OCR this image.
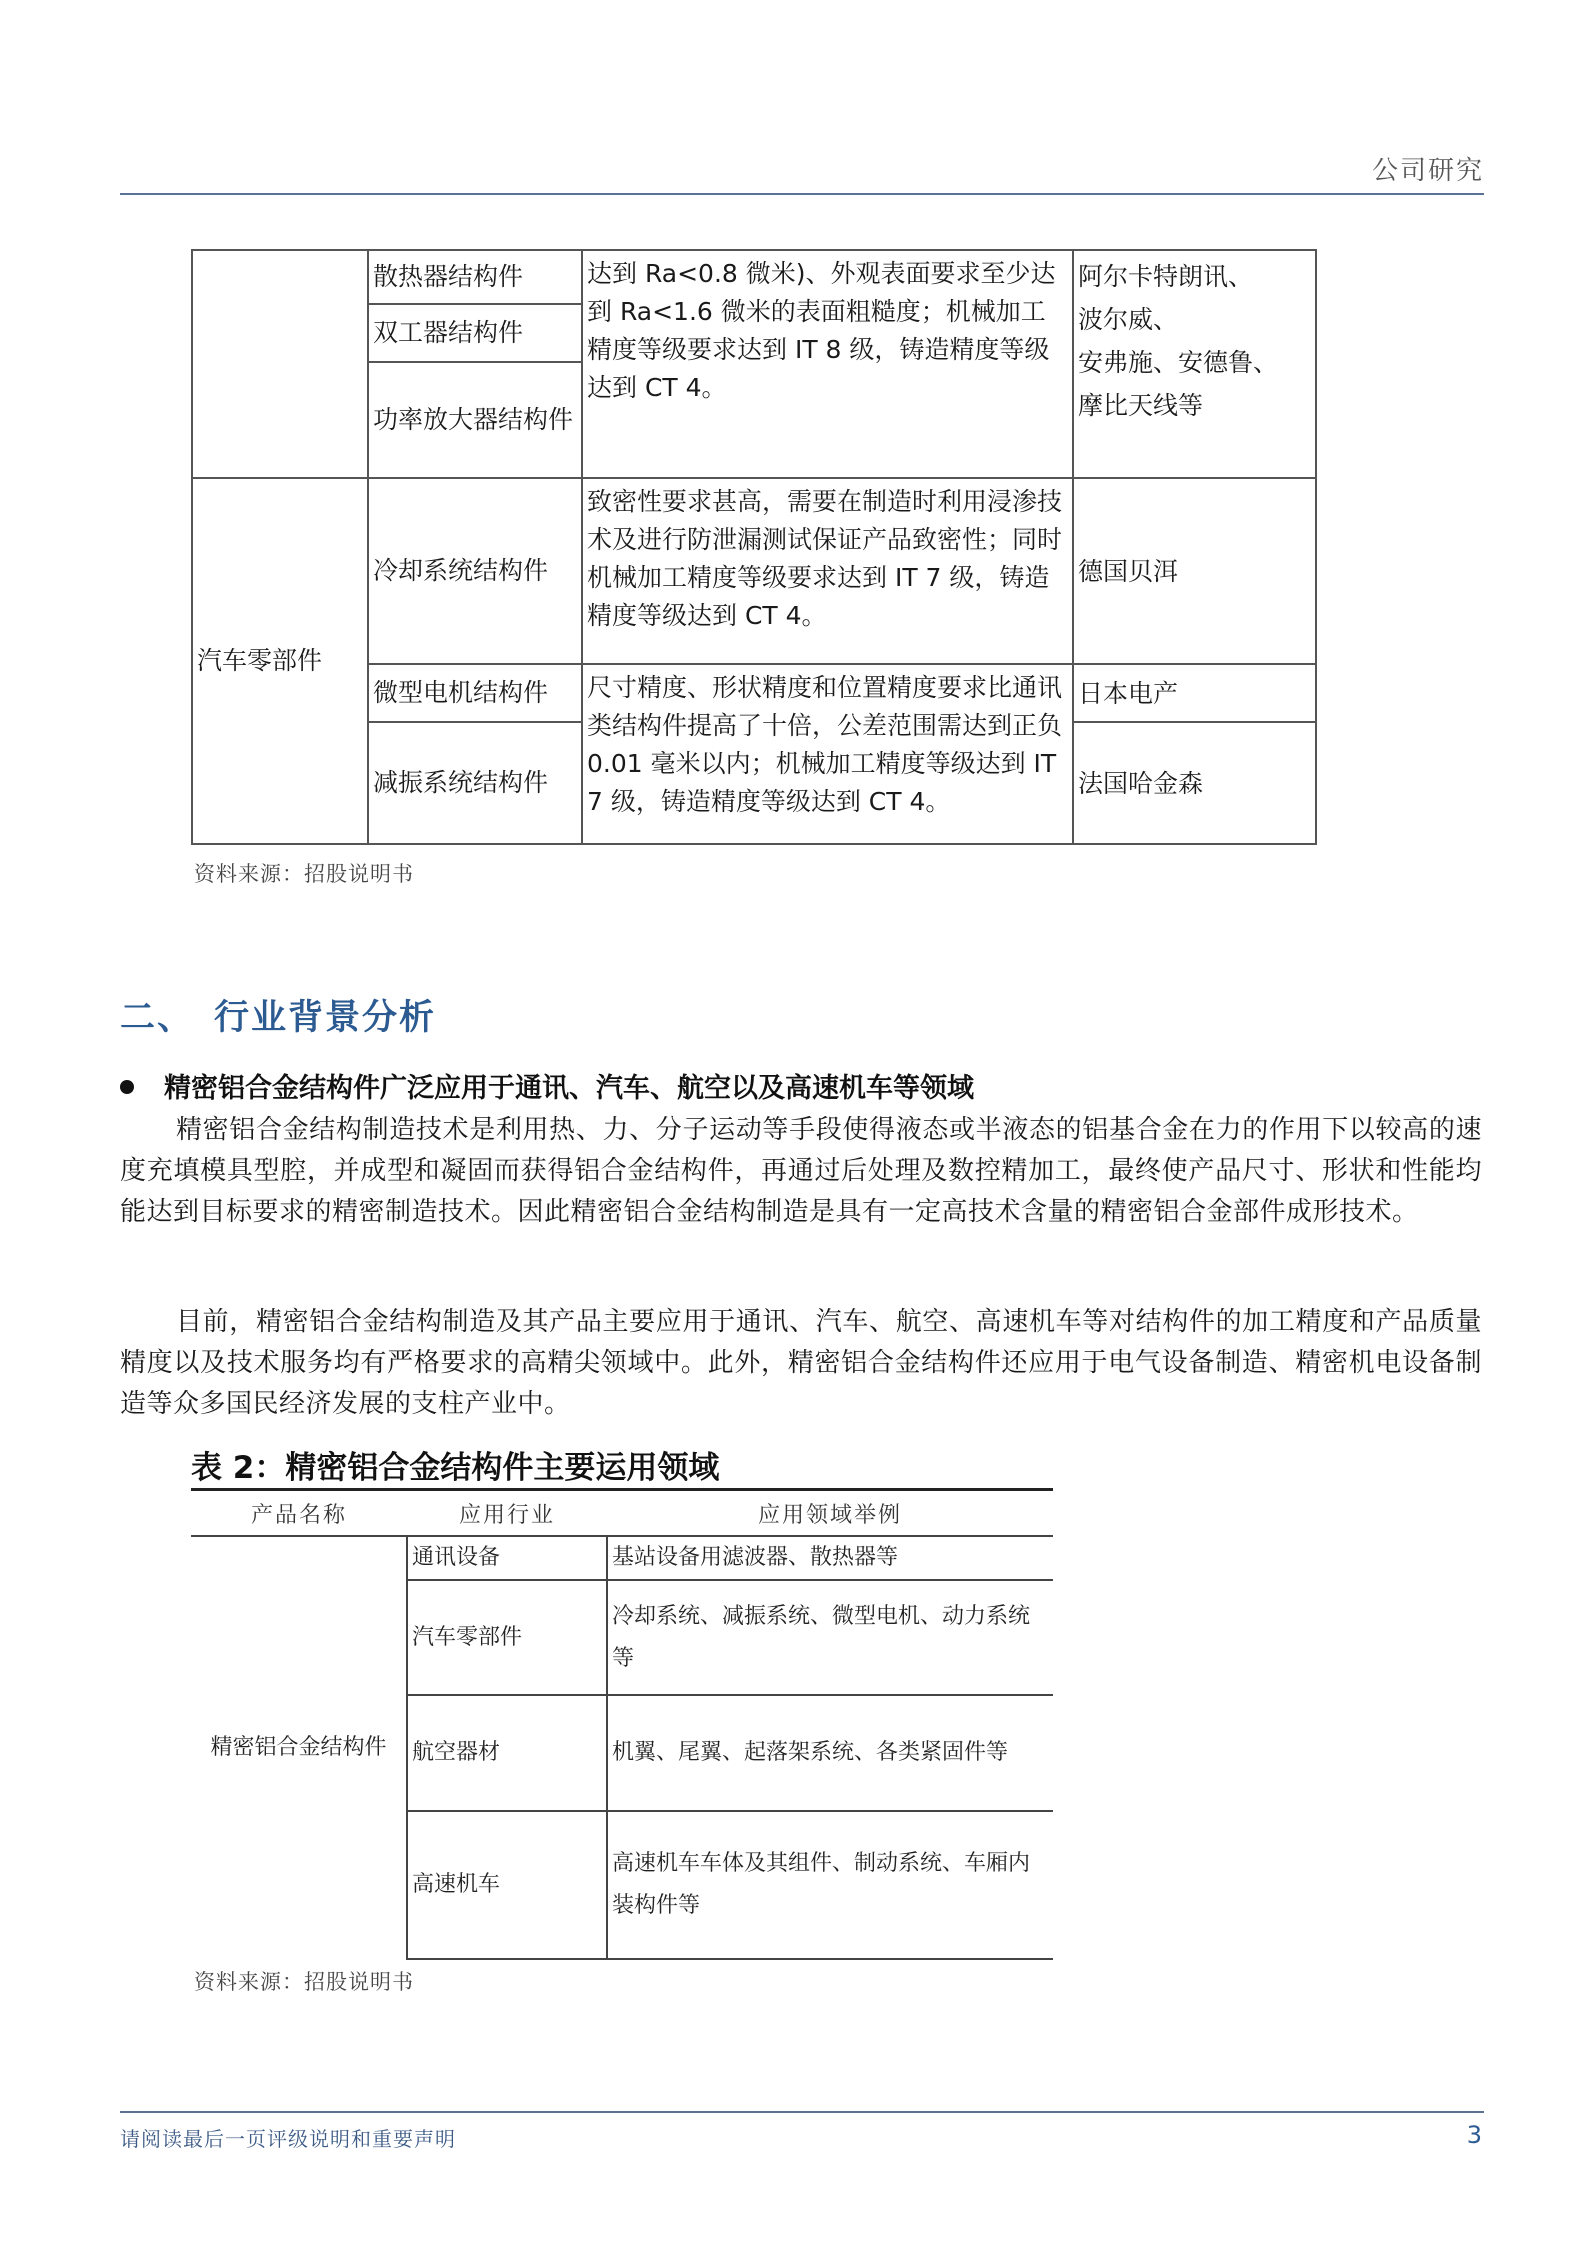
公司研究
	散热器结构件	达到 Ra<0.8 微米)、外观表面要求至少达到 Ra<1.6 微米的表面粗糙度；机械加工精度等级要求达到 IT 8 级，铸造精度等级达到 CT 4。	阿尔卡特朗讯、
波尔威、
安弗施、安德鲁、
摩比天线等

	双工器结构件		
	功率放大器结构件		
汽车零部件	冷却系统结构件	致密性要求甚高，需要在制造时利用浸渗技术及进行防泄漏测试保证产品致密性；同时机械加工精度等级要求达到 IT 7 级，铸造精度等级达到 CT 4。	德国贝洱
	微型电机结构件	尺寸精度、形状精度和位置精度要求比通讯类结构件提高了十倍，公差范围需达到正负 0.01 毫米以内；机械加工精度等级达到 IT 7 级，铸造精度等级达到 CT 4。	日本电产
	减振系统结构件		法国哈金森
资料来源：招股说明书
二、 行业背景分析
精密铝合金结构件广泛应用于通讯、汽车、航空以及高速机车等领域
精密铝合金结构制造技术是利用热、力、分子运动等手段使得液态或半液态的铝基合金在力的作用下以较高的速度充填模具型腔，并成型和凝固而获得铝合金结构件，再通过后处理及数控精加工，最终使产品尺寸、形状和性能均能达到目标要求的精密制造技术。因此精密铝合金结构制造是具有一定高技术含量的精密铝合金部件成形技术。
目前，精密铝合金结构制造及其产品主要应用于通讯、汽车、航空、高速机车等对结构件的加工精度和产品质量精度以及技术服务均有严格要求的高精尖领域中。此外，精密铝合金结构件还应用于电气设备制造、精密机电设备制造等众多国民经济发展的支柱产业中。
表 2：精密铝合金结构件主要运用领域
产品名称	应用行业	应用领域举例
精密铝合金结构件	通讯设备	基站设备用滤波器、散热器等
	汽车零部件	冷却系统、减振系统、微型电机、动力系统等
	航空器材	机翼、尾翼、起落架系统、各类紧固件等
	高速机车	高速机车车体及其组件、制动系统、车厢内装构件等
资料来源：招股说明书
请阅读最后一页评级说明和重要声明	3
